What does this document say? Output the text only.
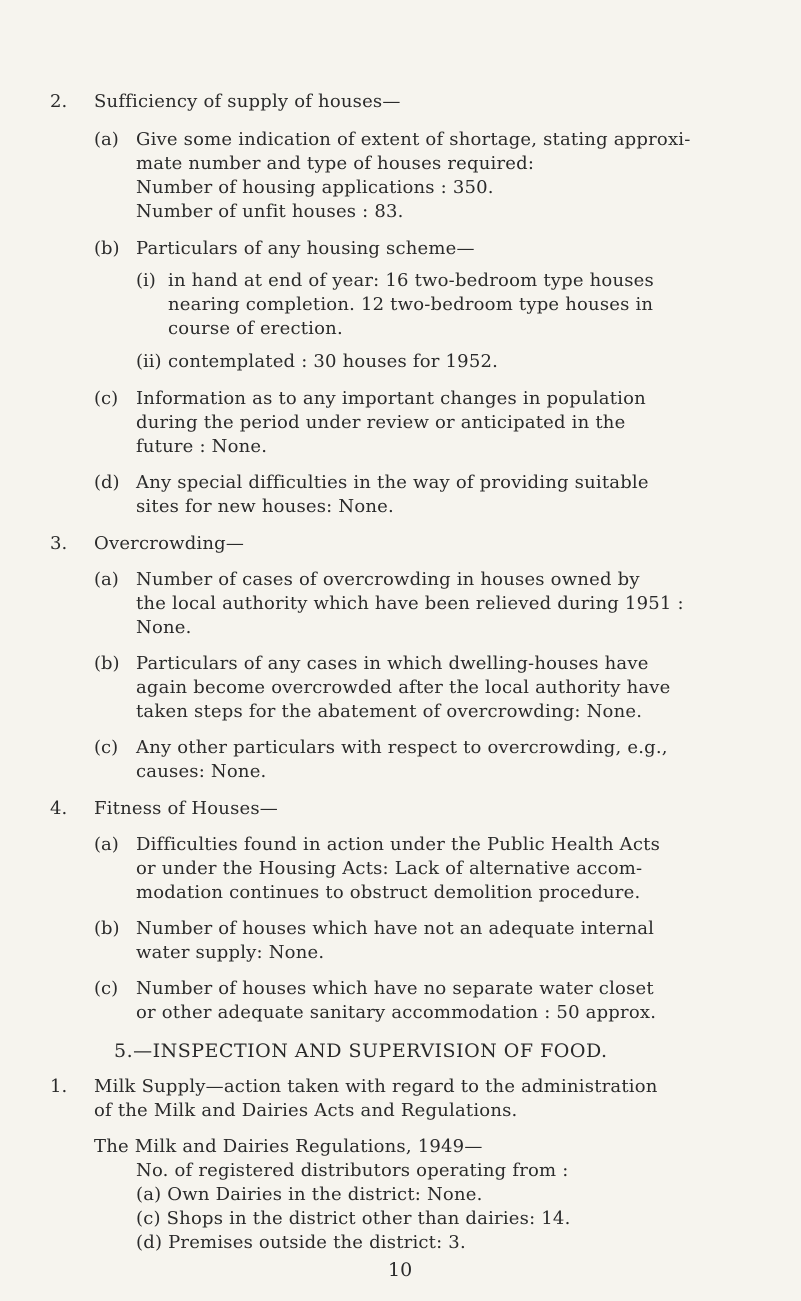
2. Sufficiency of supply of houses—
(a) Give some indication of extent of shortage, stating approxi-
mate number and type of houses required:
Number of housing applications : 350.
Number of unfit houses : 83.
(b) Particulars of any housing scheme—
(i) in hand at end of year: 16 two-bedroom type houses
nearing completion. 12 two-bedroom type houses in
course of erection.
(ii) contemplated : 30 houses for 1952.
(c) Information as to any important changes in population
during the period under review or anticipated in the
future : None.
(d) Any special difficulties in the way of providing suitable
sites for new houses: None.
3. Overcrowding—
(a) Number of cases of overcrowding in houses owned by
the local authority which have been relieved during 1951 :
None.
(b) Particulars of any cases in which dwelling-houses have
again become overcrowded after the local authority have
taken steps for the abatement of overcrowding: None.
(c) Any other particulars with respect to overcrowding, e.g.,
causes: None.
4. Fitness of Houses—
(a) Difficulties found in action under the Public Health Acts
or under the Housing Acts: Lack of alternative accom-
modation continues to obstruct demolition procedure.
(b) Number of houses which have not an adequate internal
water supply: None.
(c) Number of houses which have no separate water closet
or other adequate sanitary accommodation : 50 approx.
5.—INSPECTION AND SUPERVISION OF FOOD.
1. Milk Supply—action taken with regard to the administration
of the Milk and Dairies Acts and Regulations.
The Milk and Dairies Regulations, 1949—
No. of registered distributors operating from :
(a) Own Dairies in the district: None.
(c) Shops in the district other than dairies: 14.
(d) Premises outside the district: 3.
10
